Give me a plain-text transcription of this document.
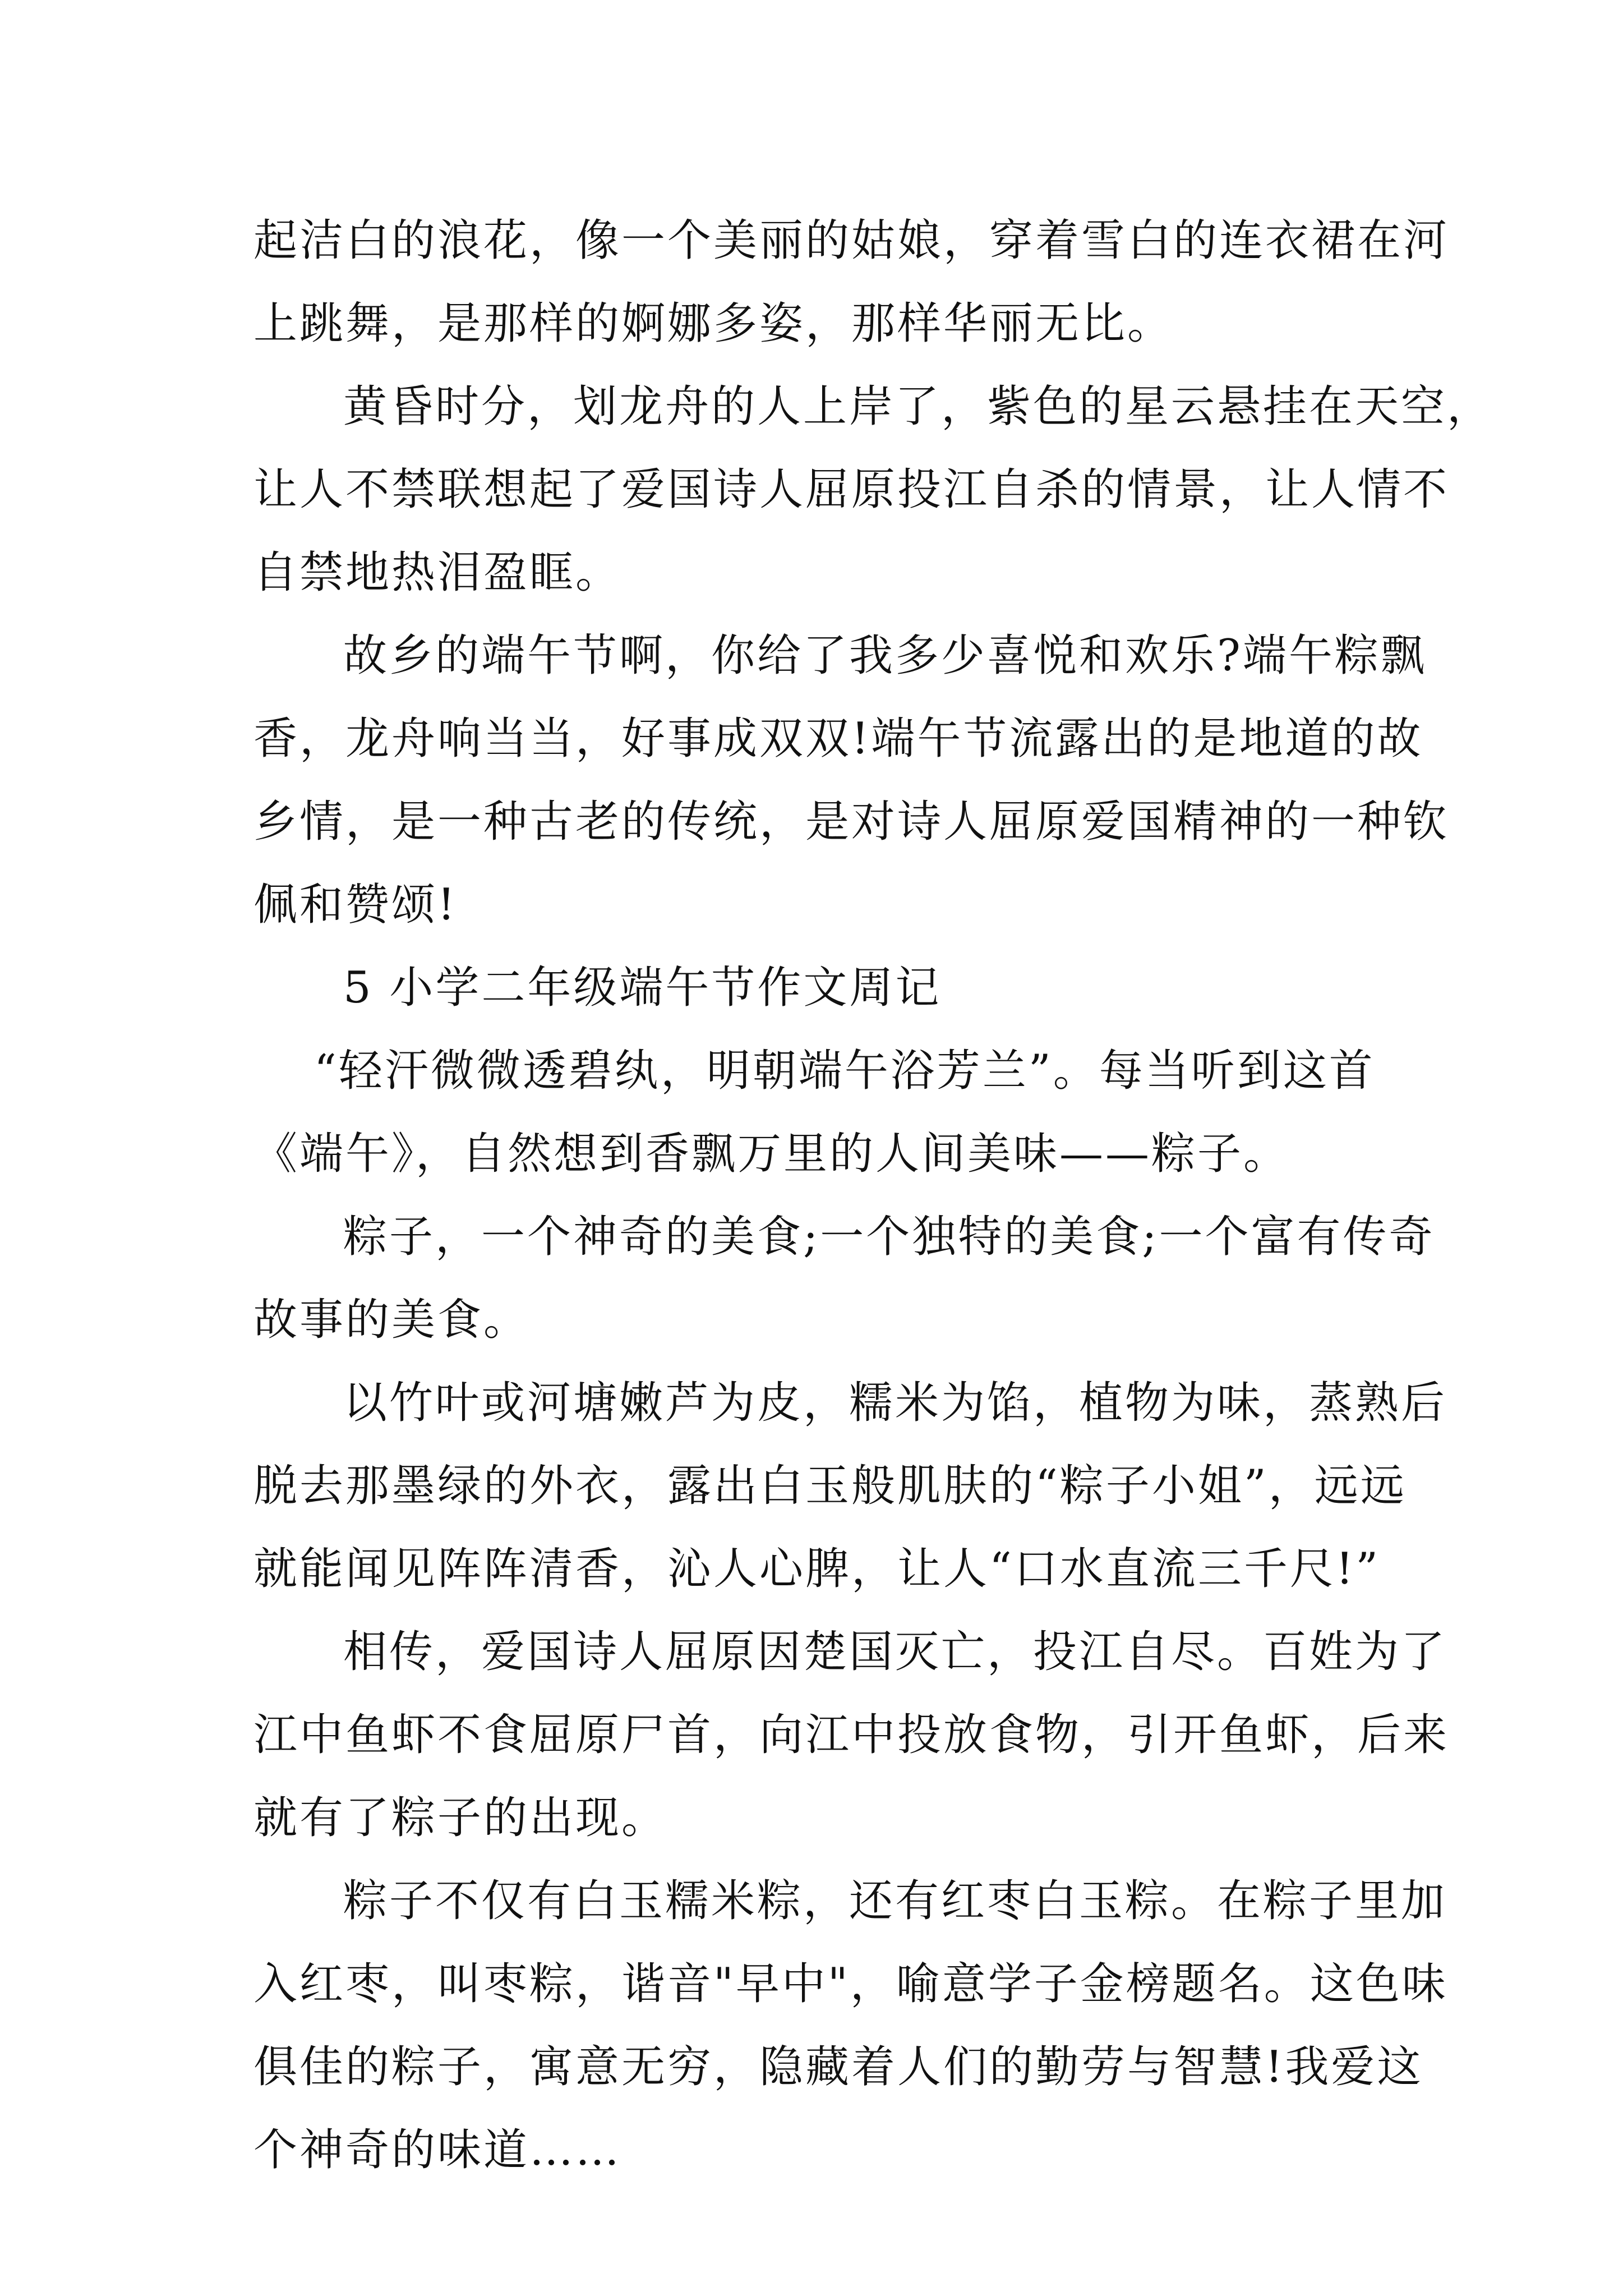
起洁白的浪花，像一个美丽的姑娘，穿着雪白的连衣裙在河
上跳舞，是那样的婀娜多姿，那样华丽无比。
黄昏时分，划龙舟的人上岸了，紫色的星云悬挂在天空，
让人不禁联想起了爱国诗人屈原投江自杀的情景，让人情不
自禁地热泪盈眶。
故乡的端午节啊，你给了我多少喜悦和欢乐?端午粽飘
香，龙舟响当当，好事成双双!端午节流露出的是地道的故
乡情，是一种古老的传统，是对诗人屈原爱国精神的一种钦
佩和赞颂!
5 小学二年级端午节作文周记
“轻汗微微透碧纨，明朝端午浴芳兰”。每当听到这首
《端午》，自然想到香飘万里的人间美味——粽子。
粽子，一个神奇的美食;一个独特的美食;一个富有传奇
故事的美食。
以竹叶或河塘嫩芦为皮，糯米为馅，植物为味，蒸熟后
脱去那墨绿的外衣，露出白玉般肌肤的“粽子小姐”，远远
就能闻见阵阵清香，沁人心脾，让人“口水直流三千尺!”
相传，爱国诗人屈原因楚国灭亡，投江自尽。百姓为了
江中鱼虾不食屈原尸首，向江中投放食物，引开鱼虾，后来
就有了粽子的出现。
粽子不仅有白玉糯米粽，还有红枣白玉粽。在粽子里加
入红枣，叫枣粽，谐音"早中"，喻意学子金榜题名。这色味
俱佳的粽子，寓意无穷，隐藏着人们的勤劳与智慧!我爱这
个神奇的味道……
